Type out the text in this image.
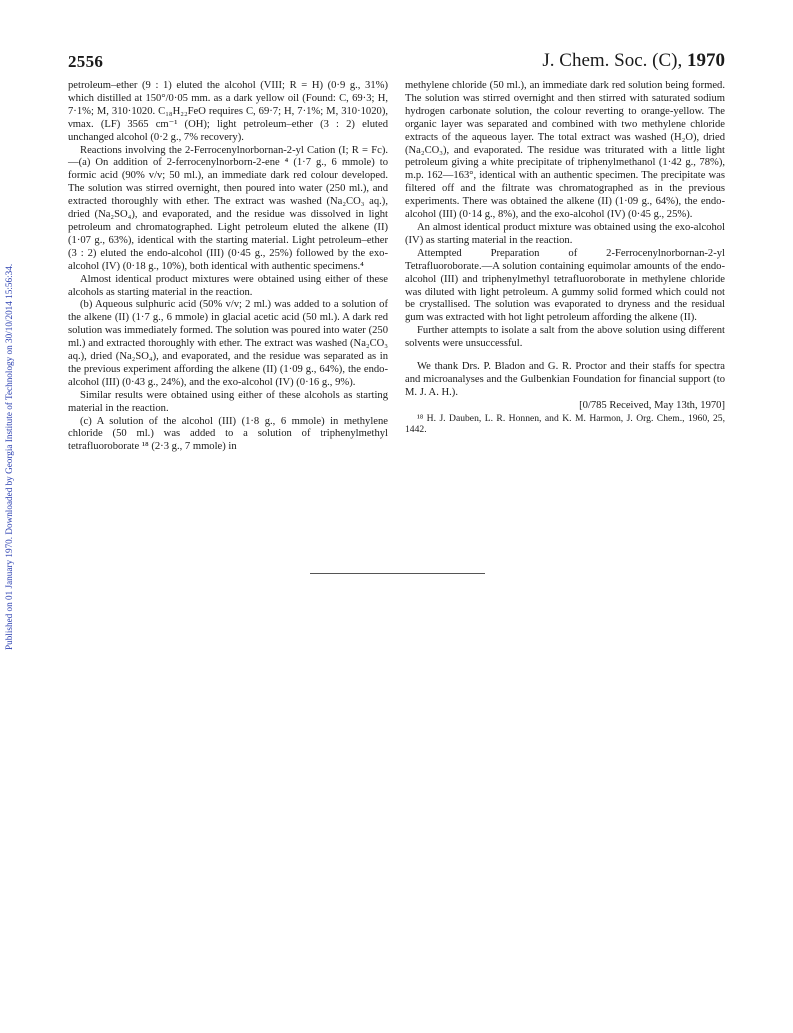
Published on 01 January 1970. Downloaded by Georgia Institute of Technology on 30/10/2014 15:56:34.
2556	J. Chem. Soc. (C), 1970

petroleum–ether (9 : 1) eluted the alcohol (VIII; R = H) (0·9 g., 31%) which distilled at 150°/0·05 mm. as a dark yellow oil (Found: C, 69·3; H, 7·1%; M, 310·1020. C₁₈H₂₂FeO requires C, 69·7; H, 7·1%; M, 310·1020), νmax. (LF) 3565 cm⁻¹ (OH); light petroleum–ether (3 : 2) eluted unchanged alcohol (0·2 g., 7% recovery).

Reactions involving the 2-Ferrocenylnorbornan-2-yl Cation (I; R = Fc).—(a) On addition of 2-ferrocenylnorborn-2-ene ⁴ (1·7 g., 6 mmole) to formic acid (90% v/v; 50 ml.), an immediate dark red colour developed. The solution was stirred overnight, then poured into water (250 ml.), and extracted thoroughly with ether. The extract was washed (Na₂CO₃ aq.), dried (Na₂SO₄), and evaporated, and the residue was dissolved in light petroleum and chromatographed. Light petroleum eluted the alkene (II) (1·07 g., 63%), identical with the starting material. Light petroleum–ether (3 : 2) eluted the endo-alcohol (III) (0·45 g., 25%) followed by the exo-alcohol (IV) (0·18 g., 10%), both identical with authentic specimens.⁴

Almost identical product mixtures were obtained using either of these alcohols as starting material in the reaction.

(b) Aqueous sulphuric acid (50% v/v; 2 ml.) was added to a solution of the alkene (II) (1·7 g., 6 mmole) in glacial acetic acid (50 ml.). A dark red solution was immediately formed. The solution was poured into water (250 ml.) and extracted thoroughly with ether. The extract was washed (Na₂CO₃ aq.), dried (Na₂SO₄), and evaporated, and the residue was separated as in the previous experiment affording the alkene (II) (1·09 g., 64%), the endo-alcohol (III) (0·43 g., 24%), and the exo-alcohol (IV) (0·16 g., 9%).

Similar results were obtained using either of these alcohols as starting material in the reaction.

(c) A solution of the alcohol (III) (1·8 g., 6 mmole) in methylene chloride (50 ml.) was added to a solution of triphenylmethyl tetrafluoroborate ¹⁸ (2·3 g., 7 mmole) in

methylene chloride (50 ml.), an immediate dark red solution being formed. The solution was stirred overnight and then stirred with saturated sodium hydrogen carbonate solution, the colour reverting to orange-yellow. The organic layer was separated and combined with two methylene chloride extracts of the aqueous layer. The total extract was washed (H₂O), dried (Na₂CO₃), and evaporated. The residue was triturated with a little light petroleum giving a white precipitate of triphenylmethanol (1·42 g., 78%), m.p. 162—163°, identical with an authentic specimen. The precipitate was filtered off and the filtrate was chromatographed as in the previous experiments. There was obtained the alkene (II) (1·09 g., 64%), the endo-alcohol (III) (0·14 g., 8%), and the exo-alcohol (IV) (0·45 g., 25%).

An almost identical product mixture was obtained using the exo-alcohol (IV) as starting material in the reaction.

Attempted Preparation of 2-Ferrocenylnorbornan-2-yl Tetrafluoroborate.—A solution containing equimolar amounts of the endo-alcohol (III) and triphenylmethyl tetrafluoroborate in methylene chloride was diluted with light petroleum. A gummy solid formed which could not be crystallised. The solution was evaporated to dryness and the residual gum was extracted with hot light petroleum affording the alkene (II).

Further attempts to isolate a salt from the above solution using different solvents were unsuccessful.

We thank Drs. P. Bladon and G. R. Proctor and their staffs for spectra and microanalyses and the Gulbenkian Foundation for financial support (to M. J. A. H.).

[0/785 Received, May 13th, 1970]

¹⁸ H. J. Dauben, L. R. Honnen, and K. M. Harmon, J. Org. Chem., 1960, 25, 1442.
